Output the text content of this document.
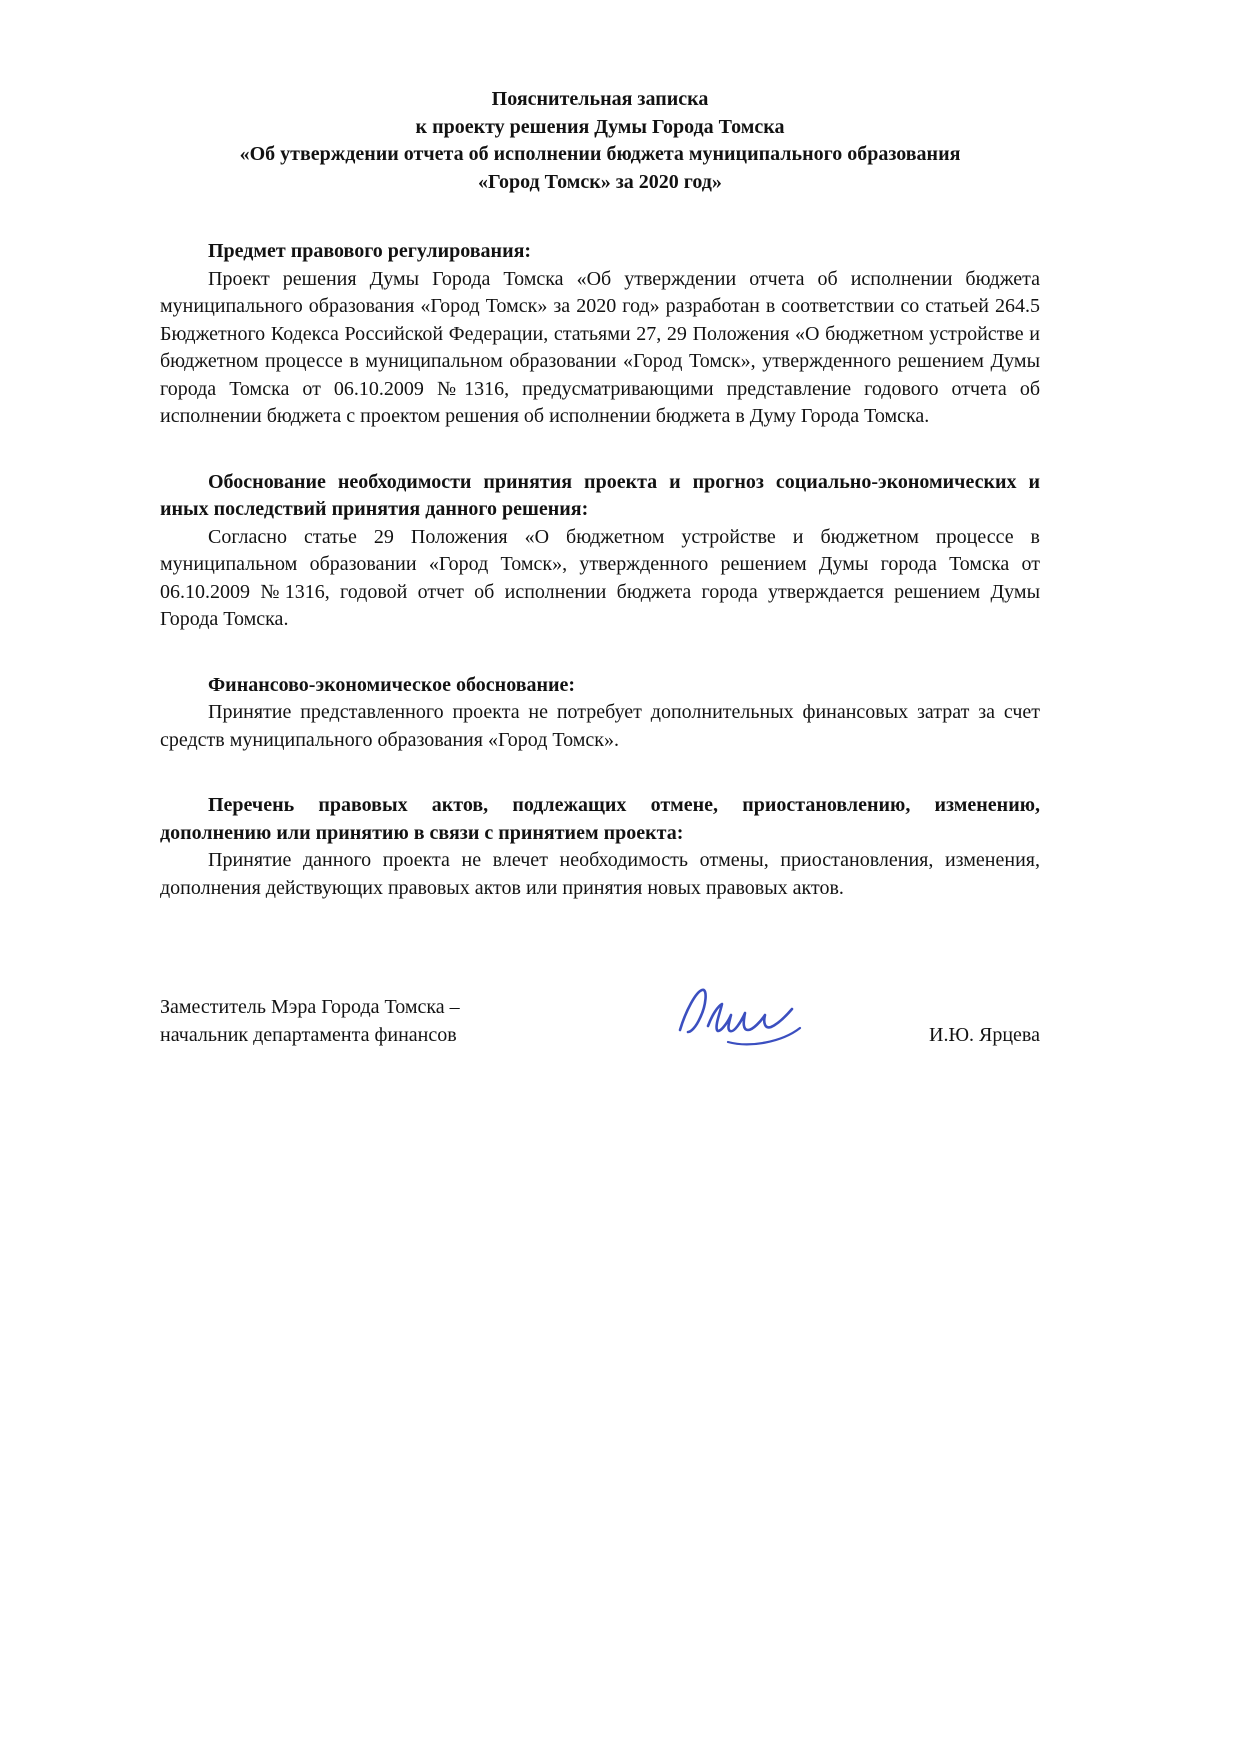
Пояснительная записка
к проекту решения Думы Города Томска
«Об утверждении отчета об исполнении бюджета муниципального образования
«Город Томск» за 2020 год»

Предмет правового регулирования:

Проект решения Думы Города Томска «Об утверждении отчета об исполнении бюджета муниципального образования «Город Томск» за 2020 год» разработан в соответствии со статьей 264.5 Бюджетного Кодекса Российской Федерации, статьями 27, 29 Положения «О бюджетном устройстве и бюджетном процессе в муниципальном образовании «Город Томск», утвержденного решением Думы города Томска от 06.10.2009 №1316, предусматривающими представление годового отчета об исполнении бюджета с проектом решения об исполнении бюджета в Думу Города Томска.

Обоснование необходимости принятия проекта и прогноз социально-экономических и иных последствий принятия данного решения:

Согласно статье 29 Положения «О бюджетном устройстве и бюджетном процессе в муниципальном образовании «Город Томск», утвержденного решением Думы города Томска от 06.10.2009 №1316, годовой отчет об исполнении бюджета города утверждается решением Думы Города Томска.

Финансово-экономическое обоснование:

Принятие представленного проекта не потребует дополнительных финансовых затрат за счет средств муниципального образования «Город Томск».

Перечень правовых актов, подлежащих отмене, приостановлению, изменению, дополнению или принятию в связи с принятием проекта:

Принятие данного проекта не влечет необходимость отмены, приостановления, изменения, дополнения действующих правовых актов или принятия новых правовых актов.

Заместитель Мэра Города Томска –
начальник департамента финансов	И.Ю. Ярцева
